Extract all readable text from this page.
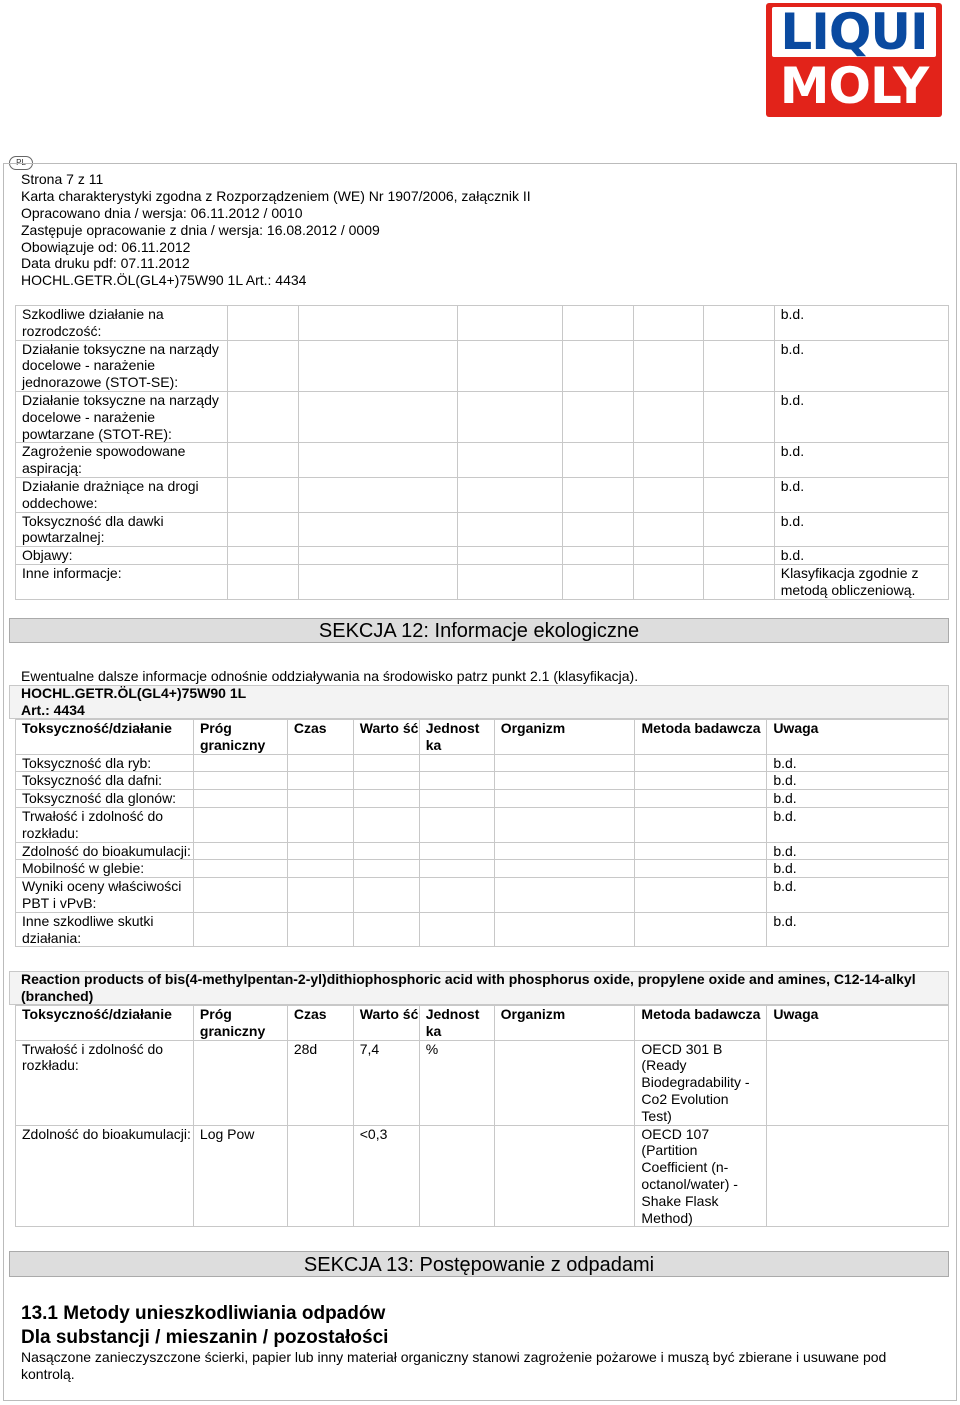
LIQUI
MOLY
PL
Strona 7 z 11
Karta charakterystyki zgodna z Rozporządzeniem (WE) Nr 1907/2006, załącznik II
Opracowano dnia / wersja: 06.11.2012 / 0010
Zastępuje opracowanie z dnia / wersja: 16.08.2012 / 0009
Obowiązuje od: 06.11.2012
Data druku pdf: 07.11.2012
HOCHL.GETR.ÖL(GL4+)75W90 1L Art.: 4434
Szkodliwe działanie na rozrodczość:							b.d.
Działanie toksyczne na narządy docelowe - narażenie jednorazowe (STOT-SE):							b.d.
Działanie toksyczne na narządy docelowe - narażenie powtarzane (STOT-RE):							b.d.
Zagrożenie spowodowane aspiracją:							b.d.
Działanie drażniące na drogi oddechowe:							b.d.
Toksyczność dla dawki powtarzalnej:							b.d.
Objawy:							b.d.
Inne informacje:							Klasyfikacja zgodnie z metodą obliczeniową.
SEKCJA 12: Informacje ekologiczne
Ewentualne dalsze informacje odnośnie oddziaływania na środowisko patrz punkt 2.1 (klasyfikacja).
HOCHL.GETR.ÖL(GL4+)75W90 1L
Art.: 4434
Toksyczność/działanie	Próg graniczny	Czas	Warto ść	Jednost ka	Organizm	Metoda badawcza	Uwaga
Toksyczność dla ryb:							b.d.
Toksyczność dla dafni:							b.d.
Toksyczność dla glonów:							b.d.
Trwałość i zdolność do rozkładu:							b.d.
Zdolność do bioakumulacji:							b.d.
Mobilność w glebie:							b.d.
Wyniki oceny właściwości PBT i vPvB:							b.d.
Inne szkodliwe skutki działania:							b.d.
Reaction products of bis(4-methylpentan-2-yl)dithiophosphoric acid with phosphorus oxide, propylene oxide and amines, C12-14-alkyl (branched)
Toksyczność/działanie	Próg graniczny	Czas	Warto ść	Jednost ka	Organizm	Metoda badawcza	Uwaga
Trwałość i zdolność do rozkładu:		28d	7,4	%		OECD 301 B (Ready Biodegradability - Co2 Evolution Test)	
Zdolność do bioakumulacji:	Log Pow		<0,3			OECD 107 (Partition Coefficient (n-octanol/water) - Shake Flask Method)	
SEKCJA 13: Postępowanie z odpadami
13.1 Metody unieszkodliwiania odpadów
Dla substancji / mieszanin / pozostałości
Nasączone zanieczyszczone ścierki, papier lub inny materiał organiczny stanowi zagrożenie pożarowe i muszą być zbierane i usuwane pod kontrolą.
